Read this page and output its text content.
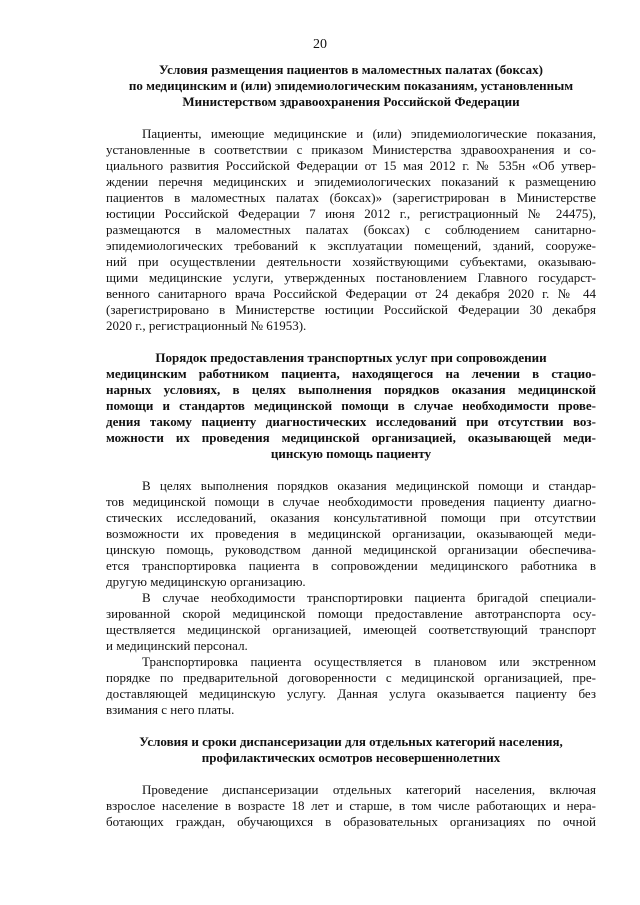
20
Условия размещения пациентов в маломестных палатах (боксах)
по медицинским и (или) эпидемиологическим показаниям, установленным
Министерством здравоохранения Российской Федерации
Пациенты, имеющие медицинские и (или) эпидемиологические показания,
установленные в соответствии с приказом Министерства здравоохранения и со-
циального развития Российской Федерации от 15 мая 2012 г. № 535н «Об утвер-
ждении перечня медицинских и эпидемиологических показаний к размещению
пациентов в маломестных палатах (боксах)» (зарегистрирован в Министерстве
юстиции Российской Федерации 7 июня 2012 г., регистрационный № 24475),
размещаются в маломестных палатах (боксах) с соблюдением санитарно-
эпидемиологических требований к эксплуатации помещений, зданий, сооруже-
ний при осуществлении деятельности хозяйствующими субъектами, оказываю-
щими медицинские услуги, утвержденных постановлением Главного государст-
венного санитарного врача Российской Федерации от 24 декабря 2020 г. № 44
(зарегистрировано в Министерстве юстиции Российской Федерации 30 декабря
2020 г., регистрационный № 61953).
Порядок предоставления транспортных услуг при сопровождении
медицинским работником пациента, находящегося на лечении в стацио-
нарных условиях, в целях выполнения порядков оказания медицинской
помощи и стандартов медицинской помощи в случае необходимости прове-
дения такому пациенту диагностических исследований при отсутствии воз-
можности их проведения медицинской организацией, оказывающей меди-
цинскую помощь пациенту
В целях выполнения порядков оказания медицинской помощи и стандар-
тов медицинской помощи в случае необходимости проведения пациенту диагно-
стических исследований, оказания консультативной помощи при отсутствии
возможности их проведения в медицинской организации, оказывающей меди-
цинскую помощь, руководством данной медицинской организации обеспечива-
ется транспортировка пациента в сопровождении медицинского работника в
другую медицинскую организацию.
В случае необходимости транспортировки пациента бригадой специали-
зированной скорой медицинской помощи предоставление автотранспорта осу-
ществляется медицинской организацией, имеющей соответствующий транспорт
и медицинский персонал.
Транспортировка пациента осуществляется в плановом или экстренном
порядке по предварительной договоренности с медицинской организацией, пре-
доставляющей медицинскую услугу. Данная услуга оказывается пациенту без
взимания с него платы.
Условия и сроки диспансеризации для отдельных категорий населения,
профилактических осмотров несовершеннолетних
Проведение диспансеризации отдельных категорий населения, включая
взрослое население в возрасте 18 лет и старше, в том числе работающих и нера-
ботающих граждан, обучающихся в образовательных организациях по очной
